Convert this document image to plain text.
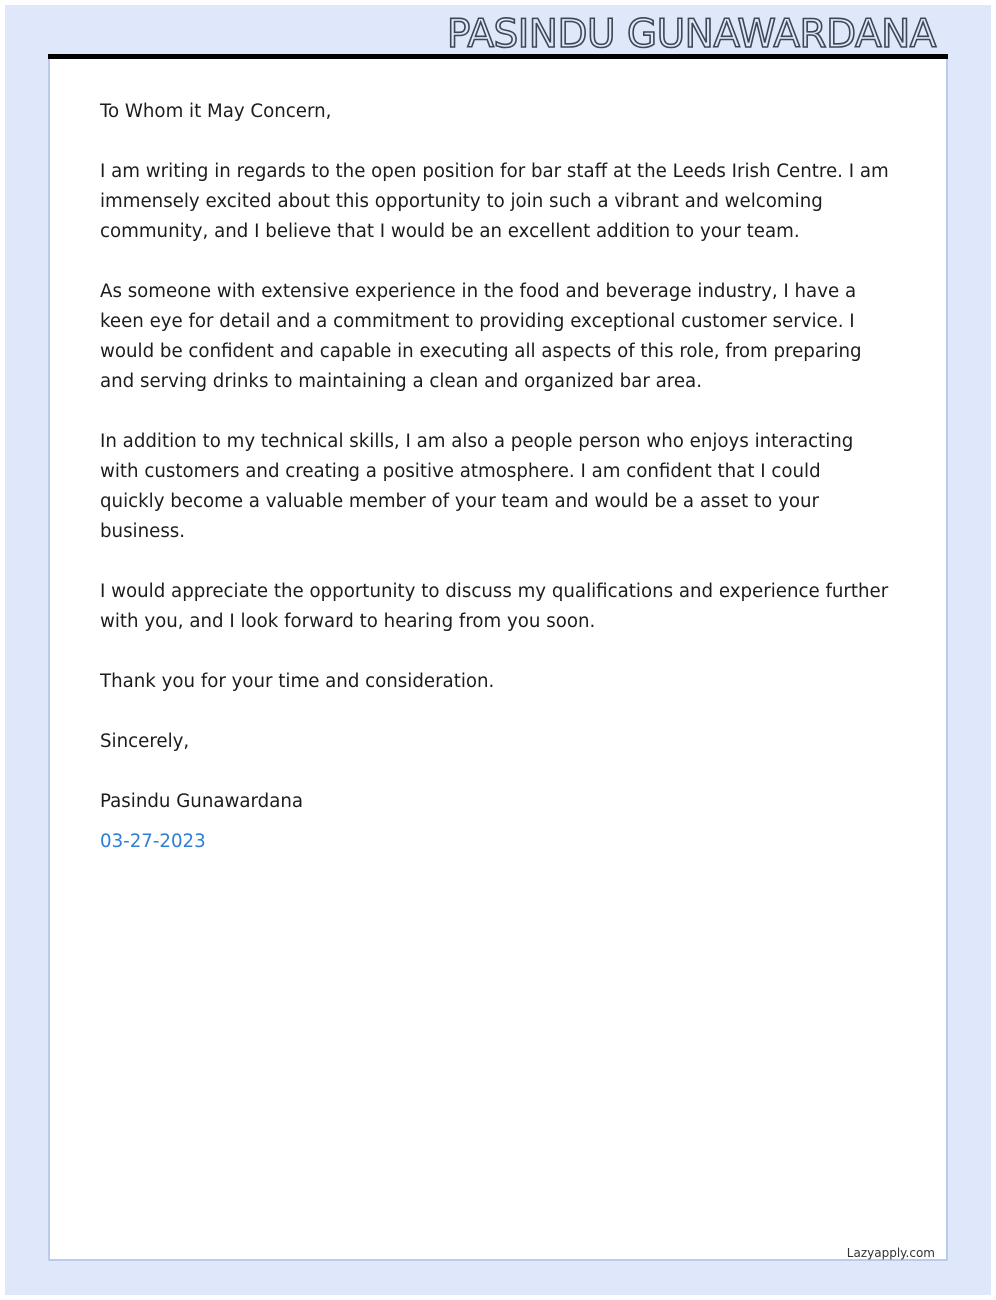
PASINDU GUNAWARDANA

To Whom it May Concern,

I am writing in regards to the open position for bar staff at the Leeds Irish Centre. I am immensely excited about this opportunity to join such a vibrant and welcoming community, and I believe that I would be an excellent addition to your team.

As someone with extensive experience in the food and beverage industry, I have a keen eye for detail and a commitment to providing exceptional customer service. I would be confident and capable in executing all aspects of this role, from preparing and serving drinks to maintaining a clean and organized bar area.

In addition to my technical skills, I am also a people person who enjoys interacting with customers and creating a positive atmosphere. I am confident that I could quickly become a valuable member of your team and would be a asset to your business.

I would appreciate the opportunity to discuss my qualifications and experience further with you, and I look forward to hearing from you soon.

Thank you for your time and consideration.

Sincerely,

Pasindu Gunawardana

03-27-2023

Lazyapply.com
